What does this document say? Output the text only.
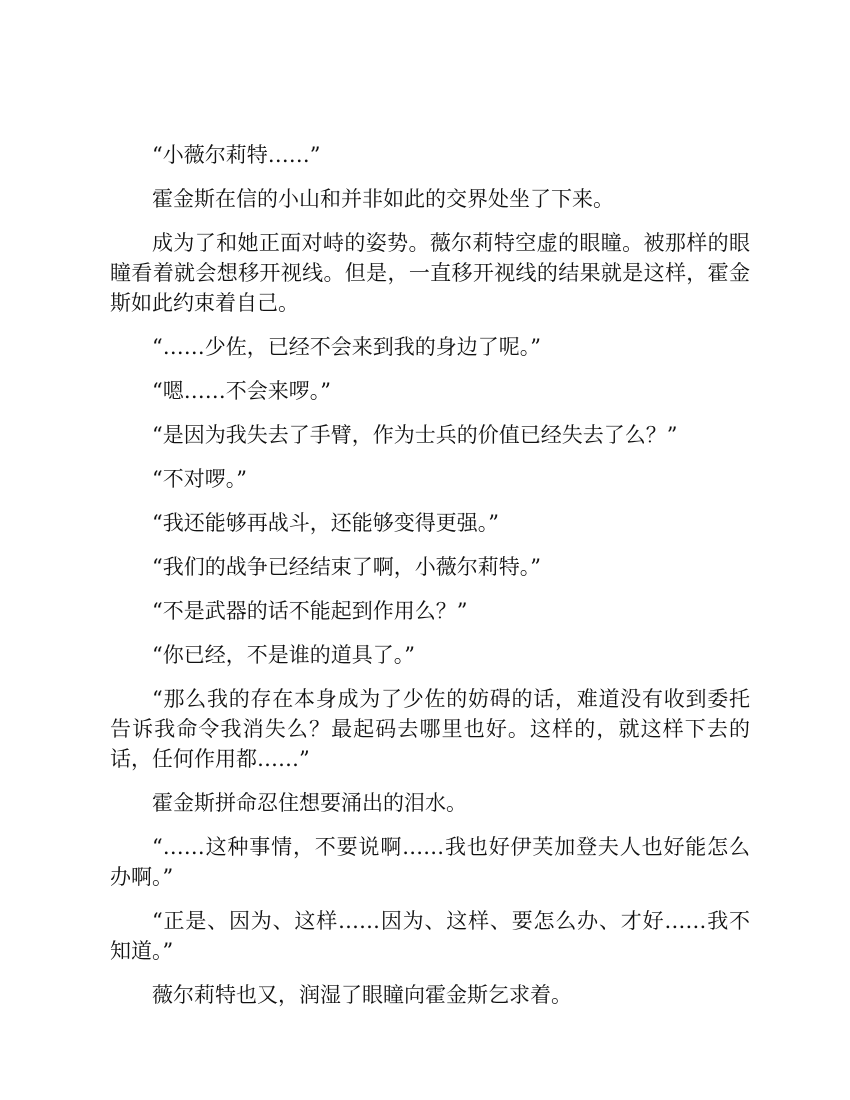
“小薇尔莉特……”

霍金斯在信的小山和并非如此的交界处坐了下来。

成为了和她正面对峙的姿势。薇尔莉特空虚的眼瞳。被那样的眼瞳看着就会想移开视线。但是，一直移开视线的结果就是这样，霍金斯如此约束着自己。

“……少佐，已经不会来到我的身边了呢。”

“嗯……不会来啰。”

“是因为我失去了手臂，作为士兵的价值已经失去了么？”

“不对啰。”

“我还能够再战斗，还能够变得更强。”

“我们的战争已经结束了啊，小薇尔莉特。”

“不是武器的话不能起到作用么？”

“你已经，不是谁的道具了。”

“那么我的存在本身成为了少佐的妨碍的话，难道没有收到委托告诉我命令我消失么？最起码去哪里也好。这样的，就这样下去的话，任何作用都……”

霍金斯拼命忍住想要涌出的泪水。

“……这种事情，不要说啊……我也好伊芙加登夫人也好能怎么办啊。”

“正是、因为、这样……因为、这样、要怎么办、才好……我不知道。”

薇尔莉特也又，润湿了眼瞳向霍金斯乞求着。
